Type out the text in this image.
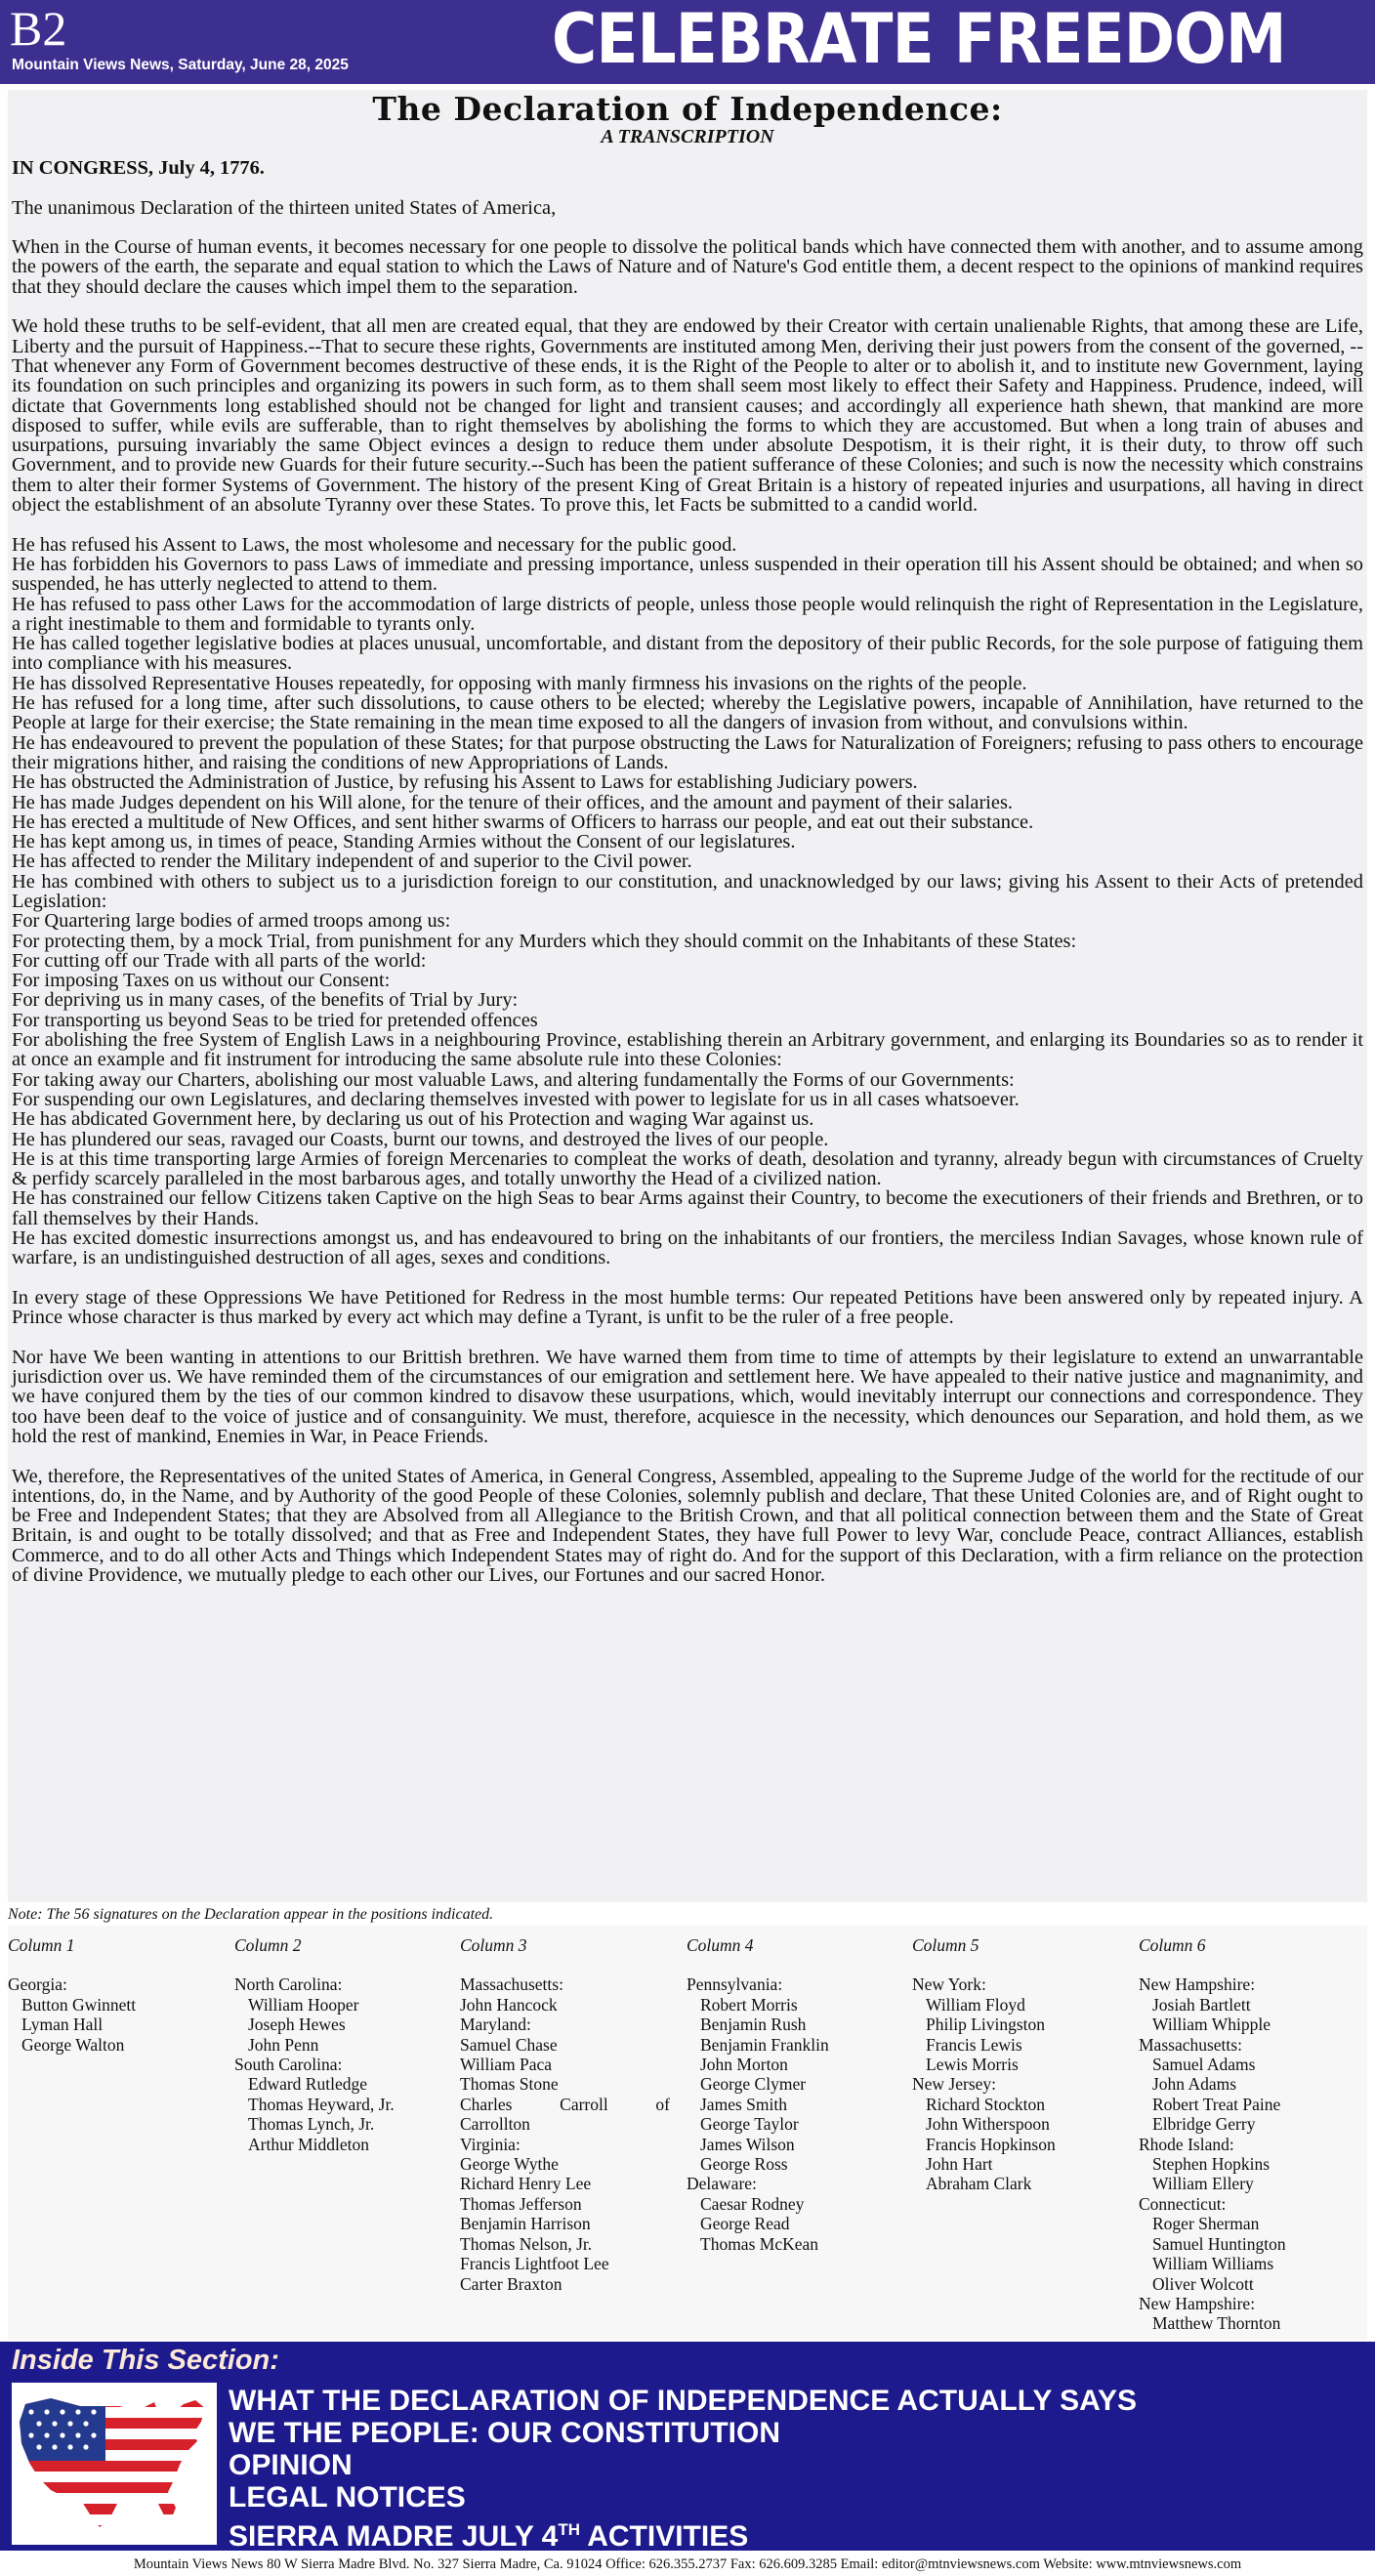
B2
Mountain Views News, Saturday, June 28, 2025	CELEBRATE FREEDOM
The Declaration of Independence:
A TRANSCRIPTION

IN CONGRESS, July 4, 1776.

The unanimous Declaration of the thirteen united States of America,

When in the Course of human events, it becomes necessary for one people to dissolve the political bands which have connected them with another, and to assume among the powers of the earth, the separate and equal station to which the Laws of Nature and of Nature's God entitle them, a decent respect to the opinions of mankind requires that they should declare the causes which impel them to the separation.

We hold these truths to be self-evident, that all men are created equal, that they are endowed by their Creator with certain unalienable Rights, that among these are Life, Liberty and the pursuit of Happiness.--That to secure these rights, Governments are instituted among Men, deriving their just powers from the consent of the governed, --That whenever any Form of Government becomes destructive of these ends, it is the Right of the People to alter or to abolish it, and to institute new Government, laying its foundation on such principles and organizing its powers in such form, as to them shall seem most likely to effect their Safety and Happiness. Prudence, indeed, will dictate that Governments long established should not be changed for light and transient causes; and accordingly all experience hath shewn, that mankind are more disposed to suffer, while evils are sufferable, than to right themselves by abolishing the forms to which they are accustomed. But when a long train of abuses and usurpations, pursuing invariably the same Object evinces a design to reduce them under absolute Despotism, it is their right, it is their duty, to throw off such Government, and to provide new Guards for their future security.--Such has been the patient sufferance of these Colonies; and such is now the necessity which constrains them to alter their former Systems of Government. The history of the present King of Great Britain is a history of repeated injuries and usurpations, all having in direct object the establishment of an absolute Tyranny over these States. To prove this, let Facts be submitted to a candid world.

He has refused his Assent to Laws, the most wholesome and necessary for the public good.

He has forbidden his Governors to pass Laws of immediate and pressing importance, unless suspended in their operation till his Assent should be obtained; and when so suspended, he has utterly neglected to attend to them.

He has refused to pass other Laws for the accommodation of large districts of people, unless those people would relinquish the right of Representation in the Legislature, a right inestimable to them and formidable to tyrants only.

He has called together legislative bodies at places unusual, uncomfortable, and distant from the depository of their public Records, for the sole purpose of fatiguing them into compliance with his measures.

He has dissolved Representative Houses repeatedly, for opposing with manly firmness his invasions on the rights of the people.

He has refused for a long time, after such dissolutions, to cause others to be elected; whereby the Legislative powers, incapable of Annihilation, have returned to the People at large for their exercise; the State remaining in the mean time exposed to all the dangers of invasion from without, and convulsions within.

He has endeavoured to prevent the population of these States; for that purpose obstructing the Laws for Naturalization of Foreigners; refusing to pass others to encourage their migrations hither, and raising the conditions of new Appropriations of Lands.

He has obstructed the Administration of Justice, by refusing his Assent to Laws for establishing Judiciary powers.

He has made Judges dependent on his Will alone, for the tenure of their offices, and the amount and payment of their salaries.

He has erected a multitude of New Offices, and sent hither swarms of Officers to harrass our people, and eat out their substance.

He has kept among us, in times of peace, Standing Armies without the Consent of our legislatures.

He has affected to render the Military independent of and superior to the Civil power.

He has combined with others to subject us to a jurisdiction foreign to our constitution, and unacknowledged by our laws; giving his Assent to their Acts of pretended Legislation:

For Quartering large bodies of armed troops among us:

For protecting them, by a mock Trial, from punishment for any Murders which they should commit on the Inhabitants of these States:

For cutting off our Trade with all parts of the world:

For imposing Taxes on us without our Consent:

For depriving us in many cases, of the benefits of Trial by Jury:

For transporting us beyond Seas to be tried for pretended offences

For abolishing the free System of English Laws in a neighbouring Province, establishing therein an Arbitrary government, and enlarging its Boundaries so as to render it at once an example and fit instrument for introducing the same absolute rule into these Colonies:

For taking away our Charters, abolishing our most valuable Laws, and altering fundamentally the Forms of our Governments:

For suspending our own Legislatures, and declaring themselves invested with power to legislate for us in all cases whatsoever.

He has abdicated Government here, by declaring us out of his Protection and waging War against us.

He has plundered our seas, ravaged our Coasts, burnt our towns, and destroyed the lives of our people.

He is at this time transporting large Armies of foreign Mercenaries to compleat the works of death, desolation and tyranny, already begun with circumstances of Cruelty & perfidy scarcely paralleled in the most barbarous ages, and totally unworthy the Head of a civilized nation.

He has constrained our fellow Citizens taken Captive on the high Seas to bear Arms against their Country, to become the executioners of their friends and Brethren, or to fall themselves by their Hands.

He has excited domestic insurrections amongst us, and has endeavoured to bring on the inhabitants of our frontiers, the merciless Indian Savages, whose known rule of warfare, is an undistinguished destruction of all ages, sexes and conditions.

In every stage of these Oppressions We have Petitioned for Redress in the most humble terms: Our repeated Petitions have been answered only by repeated injury. A Prince whose character is thus marked by every act which may define a Tyrant, is unfit to be the ruler of a free people.

Nor have We been wanting in attentions to our Brittish brethren. We have warned them from time to time of attempts by their legislature to extend an unwarrantable jurisdiction over us. We have reminded them of the circumstances of our emigration and settlement here. We have appealed to their native justice and magnanimity, and we have conjured them by the ties of our common kindred to disavow these usurpations, which, would inevitably interrupt our connections and correspondence. They too have been deaf to the voice of justice and of consanguinity. We must, therefore, acquiesce in the necessity, which denounces our Separation, and hold them, as we hold the rest of mankind, Enemies in War, in Peace Friends.

We, therefore, the Representatives of the united States of America, in General Congress, Assembled, appealing to the Supreme Judge of the world for the rectitude of our intentions, do, in the Name, and by Authority of the good People of these Colonies, solemnly publish and declare, That these United Colonies are, and of Right ought to be Free and Independent States; that they are Absolved from all Allegiance to the British Crown, and that all political connection between them and the State of Great Britain, is and ought to be totally dissolved; and that as Free and Independent States, they have full Power to levy War, conclude Peace, contract Alliances, establish Commerce, and to do all other Acts and Things which Independent States may of right do. And for the support of this Declaration, with a firm reliance on the protection of divine Providence, we mutually pledge to each other our Lives, our Fortunes and our sacred Honor.

Note: The 56 signatures on the Declaration appear in the positions indicated.
Column 1
Georgia:
Button Gwinnett
Lyman Hall
George Walton
Column 2
North Carolina:
William Hooper
Joseph Hewes
John Penn
South Carolina:
Edward Rutledge
Thomas Heyward, Jr.
Thomas Lynch, Jr.
Arthur Middleton
Column 3
Massachusetts:
John Hancock
Maryland:
Samuel Chase
William Paca
Thomas Stone
Charles Carroll of
Carrollton
Virginia:
George Wythe
Richard Henry Lee
Thomas Jefferson
Benjamin Harrison
Thomas Nelson, Jr.
Francis Lightfoot Lee
Carter Braxton
Column 4
Pennsylvania:
Robert Morris
Benjamin Rush
Benjamin Franklin
John Morton
George Clymer
James Smith
George Taylor
James Wilson
George Ross
Delaware:
Caesar Rodney
George Read
Thomas McKean
Column 5
New York:
William Floyd
Philip Livingston
Francis Lewis
Lewis Morris
New Jersey:
Richard Stockton
John Witherspoon
Francis Hopkinson
John Hart
Abraham Clark
Column 6
New Hampshire:
Josiah Bartlett
William Whipple
Massachusetts:
Samuel Adams
John Adams
Robert Treat Paine
Elbridge Gerry
Rhode Island:
Stephen Hopkins
William Ellery
Connecticut:
Roger Sherman
Samuel Huntington
William Williams
Oliver Wolcott
New Hampshire:
Matthew Thornton
Inside This Section:
WHAT THE DECLARATION OF INDEPENDENCE ACTUALLY SAYS
WE THE PEOPLE: OUR CONSTITUTION
OPINION
LEGAL NOTICES
SIERRA MADRE JULY 4TH ACTIVITIES
Mountain Views News 80 W Sierra Madre Blvd. No. 327 Sierra Madre, Ca. 91024 Office: 626.355.2737 Fax: 626.609.3285 Email: editor@mtnviewsnews.com Website: www.mtnviewsnews.com
